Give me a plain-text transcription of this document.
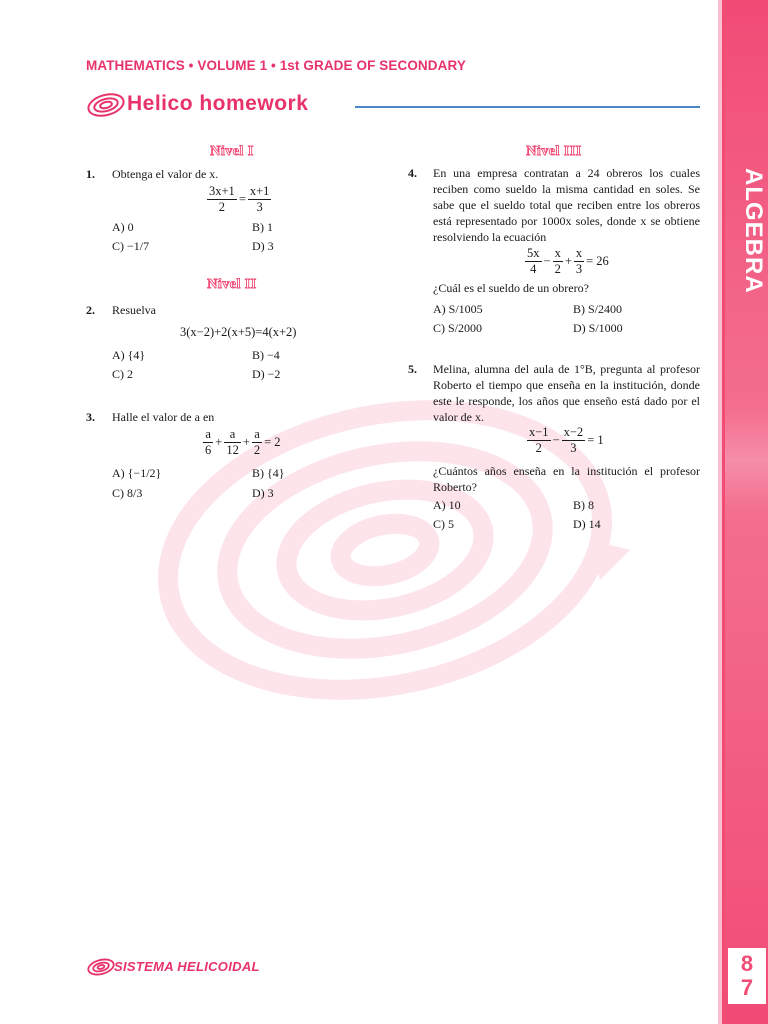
ALGEBRA
8
7
MATHEMATICS • VOLUME 1 • 1st GRADE OF SECONDARY
Helico homework
Nivel I
1. Obtenga el valor de x.
$\frac{3x+1}{2} = \frac{x+1}{3}$
A) 0	B) 1
C) −1/7	D) 3
Nivel II
2. Resuelva
3(x−2)+2(x+5)=4(x+2)
A) {4}	B) −4
C) 2	D) −2
3. Halle el valor de a en
$\frac{a}{6} + \frac{a}{12} + \frac{a}{2} = 2$
A) {−1/2}	B) {4}
C) 8/3	D) 3
Nivel III
4. En una empresa contratan a 24 obreros los cuales reciben como sueldo la misma cantidad en soles. Se sabe que el sueldo total que reciben entre los obreros está representado por 1000x soles, donde x se obtiene resolviendo la ecuación
$\frac{5x}{4} - \frac{x}{2} + \frac{x}{3} = 26$
¿Cuál es el sueldo de un obrero?
A) S/1005	B) S/2400
C) S/2000	D) S/1000
5. Melina, alumna del aula de 1°B, pregunta al profesor Roberto el tiempo que enseña en la institución, donde este le responde, los años que enseño está dado por el valor de x.
$\frac{x-1}{2} - \frac{x-2}{3} = 1$
¿Cuántos años enseña en la institución el profesor Roberto?
A) 10	B) 8
C) 5	D) 14
SISTEMA HELICOIDAL
